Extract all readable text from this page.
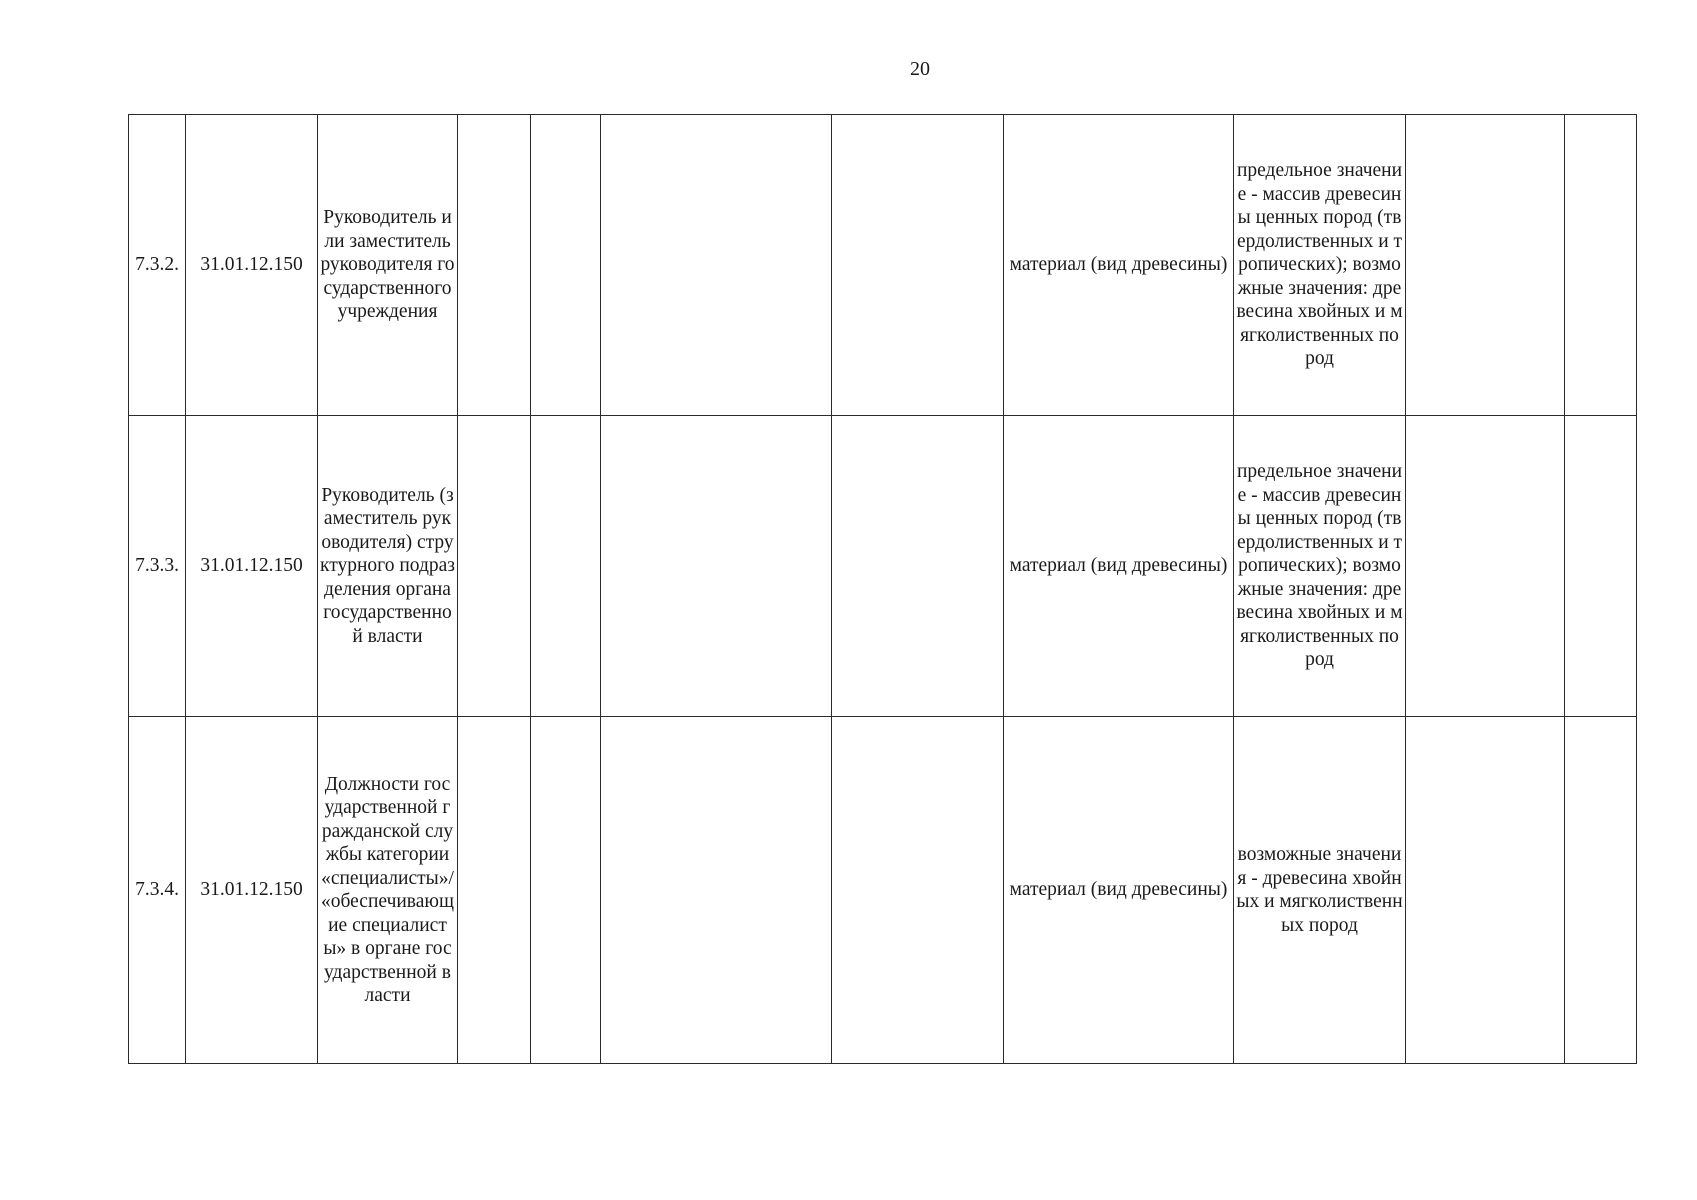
20
7.3.2.	31.01.12.150	Руководитель или заместитель руководителя государственного учреждения					материал (вид древесины)	предельное значение - массив древесины ценных пород (твердолиственных и тропических); возможные значения: древесина хвойных и мягколиственных пород		
7.3.3.	31.01.12.150	Руководитель (заместитель руководителя) структурного подразделения органа государственной власти					материал (вид древесины)	предельное значение - массив древесины ценных пород (твердолиственных и тропических); возможные значения: древесина хвойных и мягколиственных пород		
7.3.4.	31.01.12.150	Должности государственной гражданской службы категории «специалисты»/ «обеспечивающие специалисты» в органе государственной власти					материал (вид древесины)	возможные значения - древесина хвойных и мягколиственных пород		
